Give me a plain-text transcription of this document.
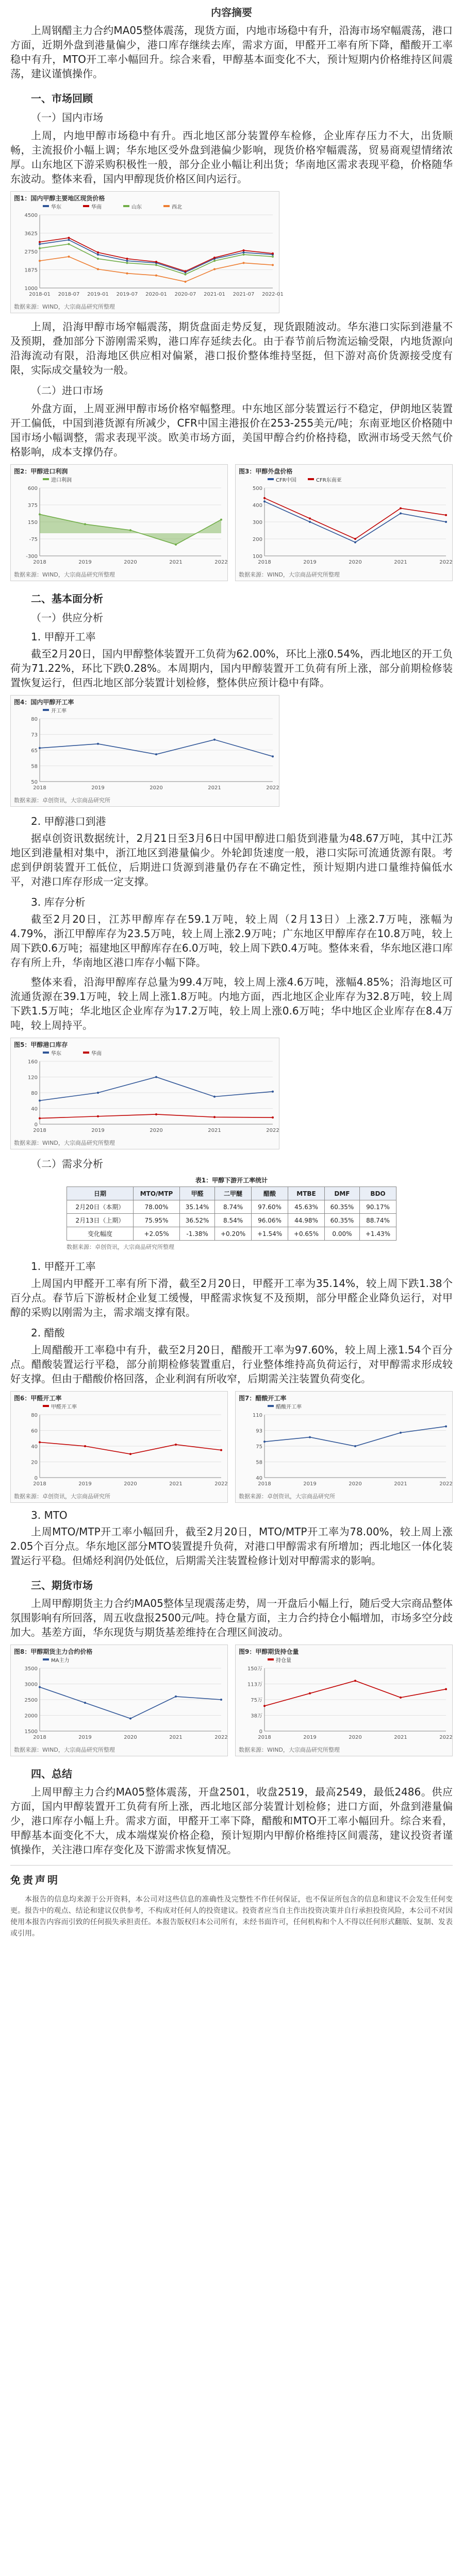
内容摘要

上周钢醋主力合约MA05整体震荡，现货方面，内地市场稳中有升，沿海市场窄幅震荡，港口方面，近期外盘到港量偏少，港口库存继续去库，需求方面，甲醛开工率有所下降，醋酸开工率稳中有升，MTO开工率小幅回升。综合来看，甲醇基本面变化不大，预计短期内价格维持区间震荡，建议谨慎操作。

一、市场回顾
（一）国内市场

上周，内地甲醇市场稳中有升。西北地区部分装置停车检修，企业库存压力不大，出货顺畅，主流报价小幅上调；华东地区受外盘到港偏少影响，现货价格窄幅震荡，贸易商观望情绪浓厚。山东地区下游采购积极性一般，部分企业小幅让利出货；华南地区需求表现平稳，价格随华东波动。整体来看，国内甲醇现货价格区间内运行。

图1：国内甲醇主要地区现货价格
1000
1875
2750
3625
4500
2018-01 2018-07 2019-01 2019-07 2020-01 2020-07 2021-01 2021-07 2022-01
华东	华南	山东	西北
数据来源：WIND，大宗商品研究所整理

上周，沿海甲醇市场窄幅震荡，期货盘面走势反复，现货跟随波动。华东港口实际到港量不及预期，叠加部分下游刚需采购，港口库存延续去化。由于春节前后物流运输受限，内地货源向沿海流动有限，沿海地区供应相对偏紧，港口报价整体维持坚挺，但下游对高价货源接受度有限，实际成交量较为一般。

（二）进口市场

外盘方面，上周亚洲甲醇市场价格窄幅整理。中东地区部分装置运行不稳定，伊朗地区装置开工偏低，中国到港货源有所减少，CFR中国主港报价在253-255美元/吨；东南亚地区价格随中国市场小幅调整，需求表现平淡。欧美市场方面，美国甲醇合约价格持稳，欧洲市场受天然气价格影响，成本支撑仍存。

图2：甲醇进口利润
-300
-75
150
375
600
2018	2019	2020	2021	2022
进口利润
数据来源：WIND，大宗商品研究所整理
图3：甲醇外盘价格
100
200
300
400
500
2018	2019	2020	2021	2022
CFR中国	CFR东南亚
数据来源：WIND，大宗商品研究所整理
二、基本面分析
（一）供应分析
1. 甲醇开工率

截至2月20日，国内甲醇整体装置开工负荷为62.00%，环比上涨0.54%，西北地区的开工负荷为71.22%，环比下跌0.28%。本周期内，国内甲醇装置开工负荷有所上涨，部分前期检修装置恢复运行，但西北地区部分装置计划检修，整体供应预计稳中有降。

图4：国内甲醇开工率
50
58
65
73
80
2018	2019	2020	2021	2022
开工率
数据来源：卓创资讯，大宗商品研究所
2. 甲醇港口到港

据卓创资讯数据统计，2月21日至3月6日中国甲醇进口船货到港量为48.67万吨，其中江苏地区到港量相对集中，浙江地区到港量偏少。外轮卸货速度一般，港口实际可流通货源有限。考虑到伊朗装置开工低位，后期进口货源到港量仍存在不确定性，预计短期内进口量维持偏低水平，对港口库存形成一定支撑。

3. 库存分析

截至2月20日，江苏甲醇库存在59.1万吨，较上周（2月13日）上涨2.7万吨，涨幅为4.79%，浙江甲醇库存为23.5万吨，较上周上涨2.9万吨；广东地区甲醇库存在10.8万吨，较上周下跌0.6万吨；福建地区甲醇库存在6.0万吨，较上周下跌0.4万吨。整体来看，华东地区港口库存有所上升，华南地区港口库存小幅下降。

整体来看，沿海甲醇库存总量为99.4万吨，较上周上涨4.6万吨，涨幅4.85%；沿海地区可流通货源在39.1万吨，较上周上涨1.8万吨。内地方面，西北地区企业库存为32.8万吨，较上周下跌1.5万吨；华北地区企业库存为17.2万吨，较上周上涨0.6万吨；华中地区企业库存在8.4万吨，较上周持平。

图5：甲醇港口库存
0
40
80
120
160
2018	2019	2020	2021	2022
华东	华南
数据来源：WIND，大宗商品研究所整理
（二）需求分析
表1：甲醇下游开工率统计
日期	MTO/MTP	甲醛	二甲醚	醋酸	MTBE	DMF	BDO
2月20日（本期）	78.00%	35.14%	8.74%	97.60%	45.63%	60.35%	90.17%
2月13日（上期）	75.95%	36.52%	8.54%	96.06%	44.98%	60.35%	88.74%
变化幅度	+2.05%	-1.38%	+0.20%	+1.54%	+0.65%	0.00%	+1.43%
数据来源：卓创资讯，大宗商品研究所整理
1. 甲醛开工率

上周国内甲醛开工率有所下滑，截至2月20日，甲醛开工率为35.14%，较上周下跌1.38个百分点。春节后下游板材企业复工缓慢，甲醛需求恢复不及预期，部分甲醛企业降负运行，对甲醇的采购以刚需为主，需求端支撑有限。

2. 醋酸

上周醋酸开工率稳中有升，截至2月20日，醋酸开工率为97.60%，较上周上涨1.54个百分点。醋酸装置运行平稳，部分前期检修装置重启，行业整体维持高负荷运行，对甲醇需求形成较好支撑。但由于醋酸价格回落，企业利润有所收窄，后期需关注装置负荷变化。

图6：甲醛开工率
0
20
40
60
80
2018	2019	2020	2021	2022
甲醛开工率
数据来源：卓创资讯，大宗商品研究所
图7：醋酸开工率
40
58
75
93
110
2018	2019	2020	2021	2022
醋酸开工率
数据来源：卓创资讯，大宗商品研究所
3. MTO

上周MTO/MTP开工率小幅回升，截至2月20日，MTO/MTP开工率为78.00%，较上周上涨2.05个百分点。华东地区部分MTO装置提升负荷，对港口甲醇需求有所增加；西北地区一体化装置运行平稳。但烯烃利润仍处低位，后期需关注装置检修计划对甲醇需求的影响。

三、期货市场

上周甲醇期货主力合约MA05整体呈现震荡走势，周一开盘后小幅上行，随后受大宗商品整体氛围影响有所回落，周五收盘报2500元/吨。持仓量方面，主力合约持仓小幅增加，市场多空分歧加大。基差方面，华东现货与期货基差维持在合理区间波动。

图8：甲醇期货主力合约价格
1500
2000
2500
3000
3500
2018	2019	2020	2021	2022
MA主力
数据来源：WIND，大宗商品研究所整理
图9：甲醇期货持仓量
0
38万
75万
113万
150万
2018	2019	2020	2021	2022
持仓量
数据来源：WIND，大宗商品研究所整理
四、总结

上周甲醇主力合约MA05整体震荡，开盘2501，收盘2519，最高2549，最低2486。供应方面，国内甲醇装置开工负荷有所上涨，西北地区部分装置计划检修；进口方面，外盘到港量偏少，港口库存小幅上升。需求方面，甲醛开工率下降，醋酸和MTO开工率小幅回升。综合来看，甲醇基本面变化不大，成本端煤炭价格企稳，预计短期内甲醇价格维持区间震荡，建议投资者谨慎操作，关注港口库存变化及下游需求恢复情况。

免责声明

本报告的信息均来源于公开资料，本公司对这些信息的准确性及完整性不作任何保证，也不保证所包含的信息和建议不会发生任何变更。报告中的观点、结论和建议仅供参考，不构成对任何人的投资建议。投资者应当自主作出投资决策并自行承担投资风险，本公司不对因使用本报告内容而引致的任何损失承担责任。本报告版权归本公司所有，未经书面许可，任何机构和个人不得以任何形式翻版、复制、发表或引用。
